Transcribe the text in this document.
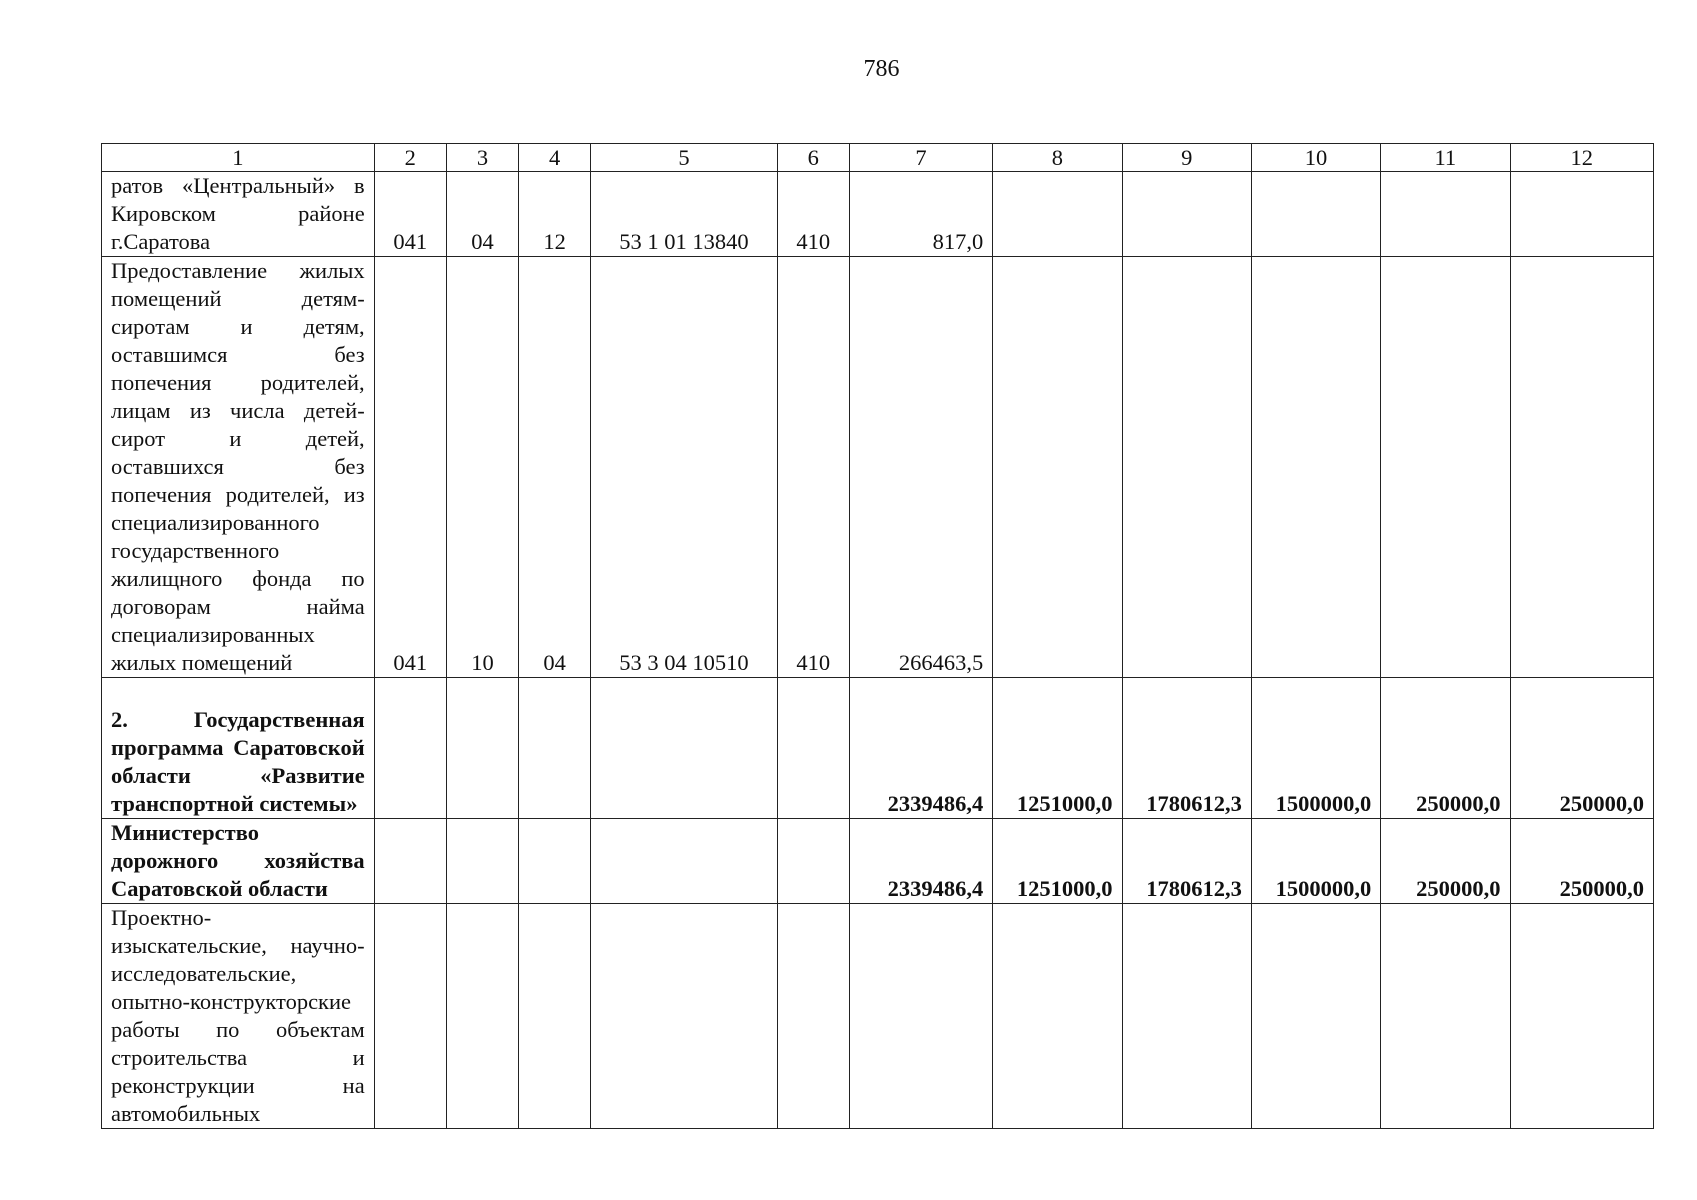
786
1	2	3	4	5	6	7	8	9	10	11	12
ратов «Центральный» в Кировском районе г.Саратова	041	04	12	53 1 01 13840	410	817,0					
Предоставление жилых помещений детям-сиротам и детям, оставшимся без попечения родителей, лицам из числа детей-сирот и детей, оставшихся без попечения родителей, из специализированного государственного жилищного фонда по договорам найма специализированных жилых помещений	041	10	04	53 3 04 10510	410	266463,5					
2. Государственная программа Саратовской области «Развитие транспортной системы»						2339486,4	1251000,0	1780612,3	1500000,0	250000,0	250000,0
Министерство дорожного хозяйства Саратовской области						2339486,4	1251000,0	1780612,3	1500000,0	250000,0	250000,0
Проектно-изыскательские, научно-исследовательские, опытно-конструкторские работы по объектам строительства и реконструкции на автомобильных											
